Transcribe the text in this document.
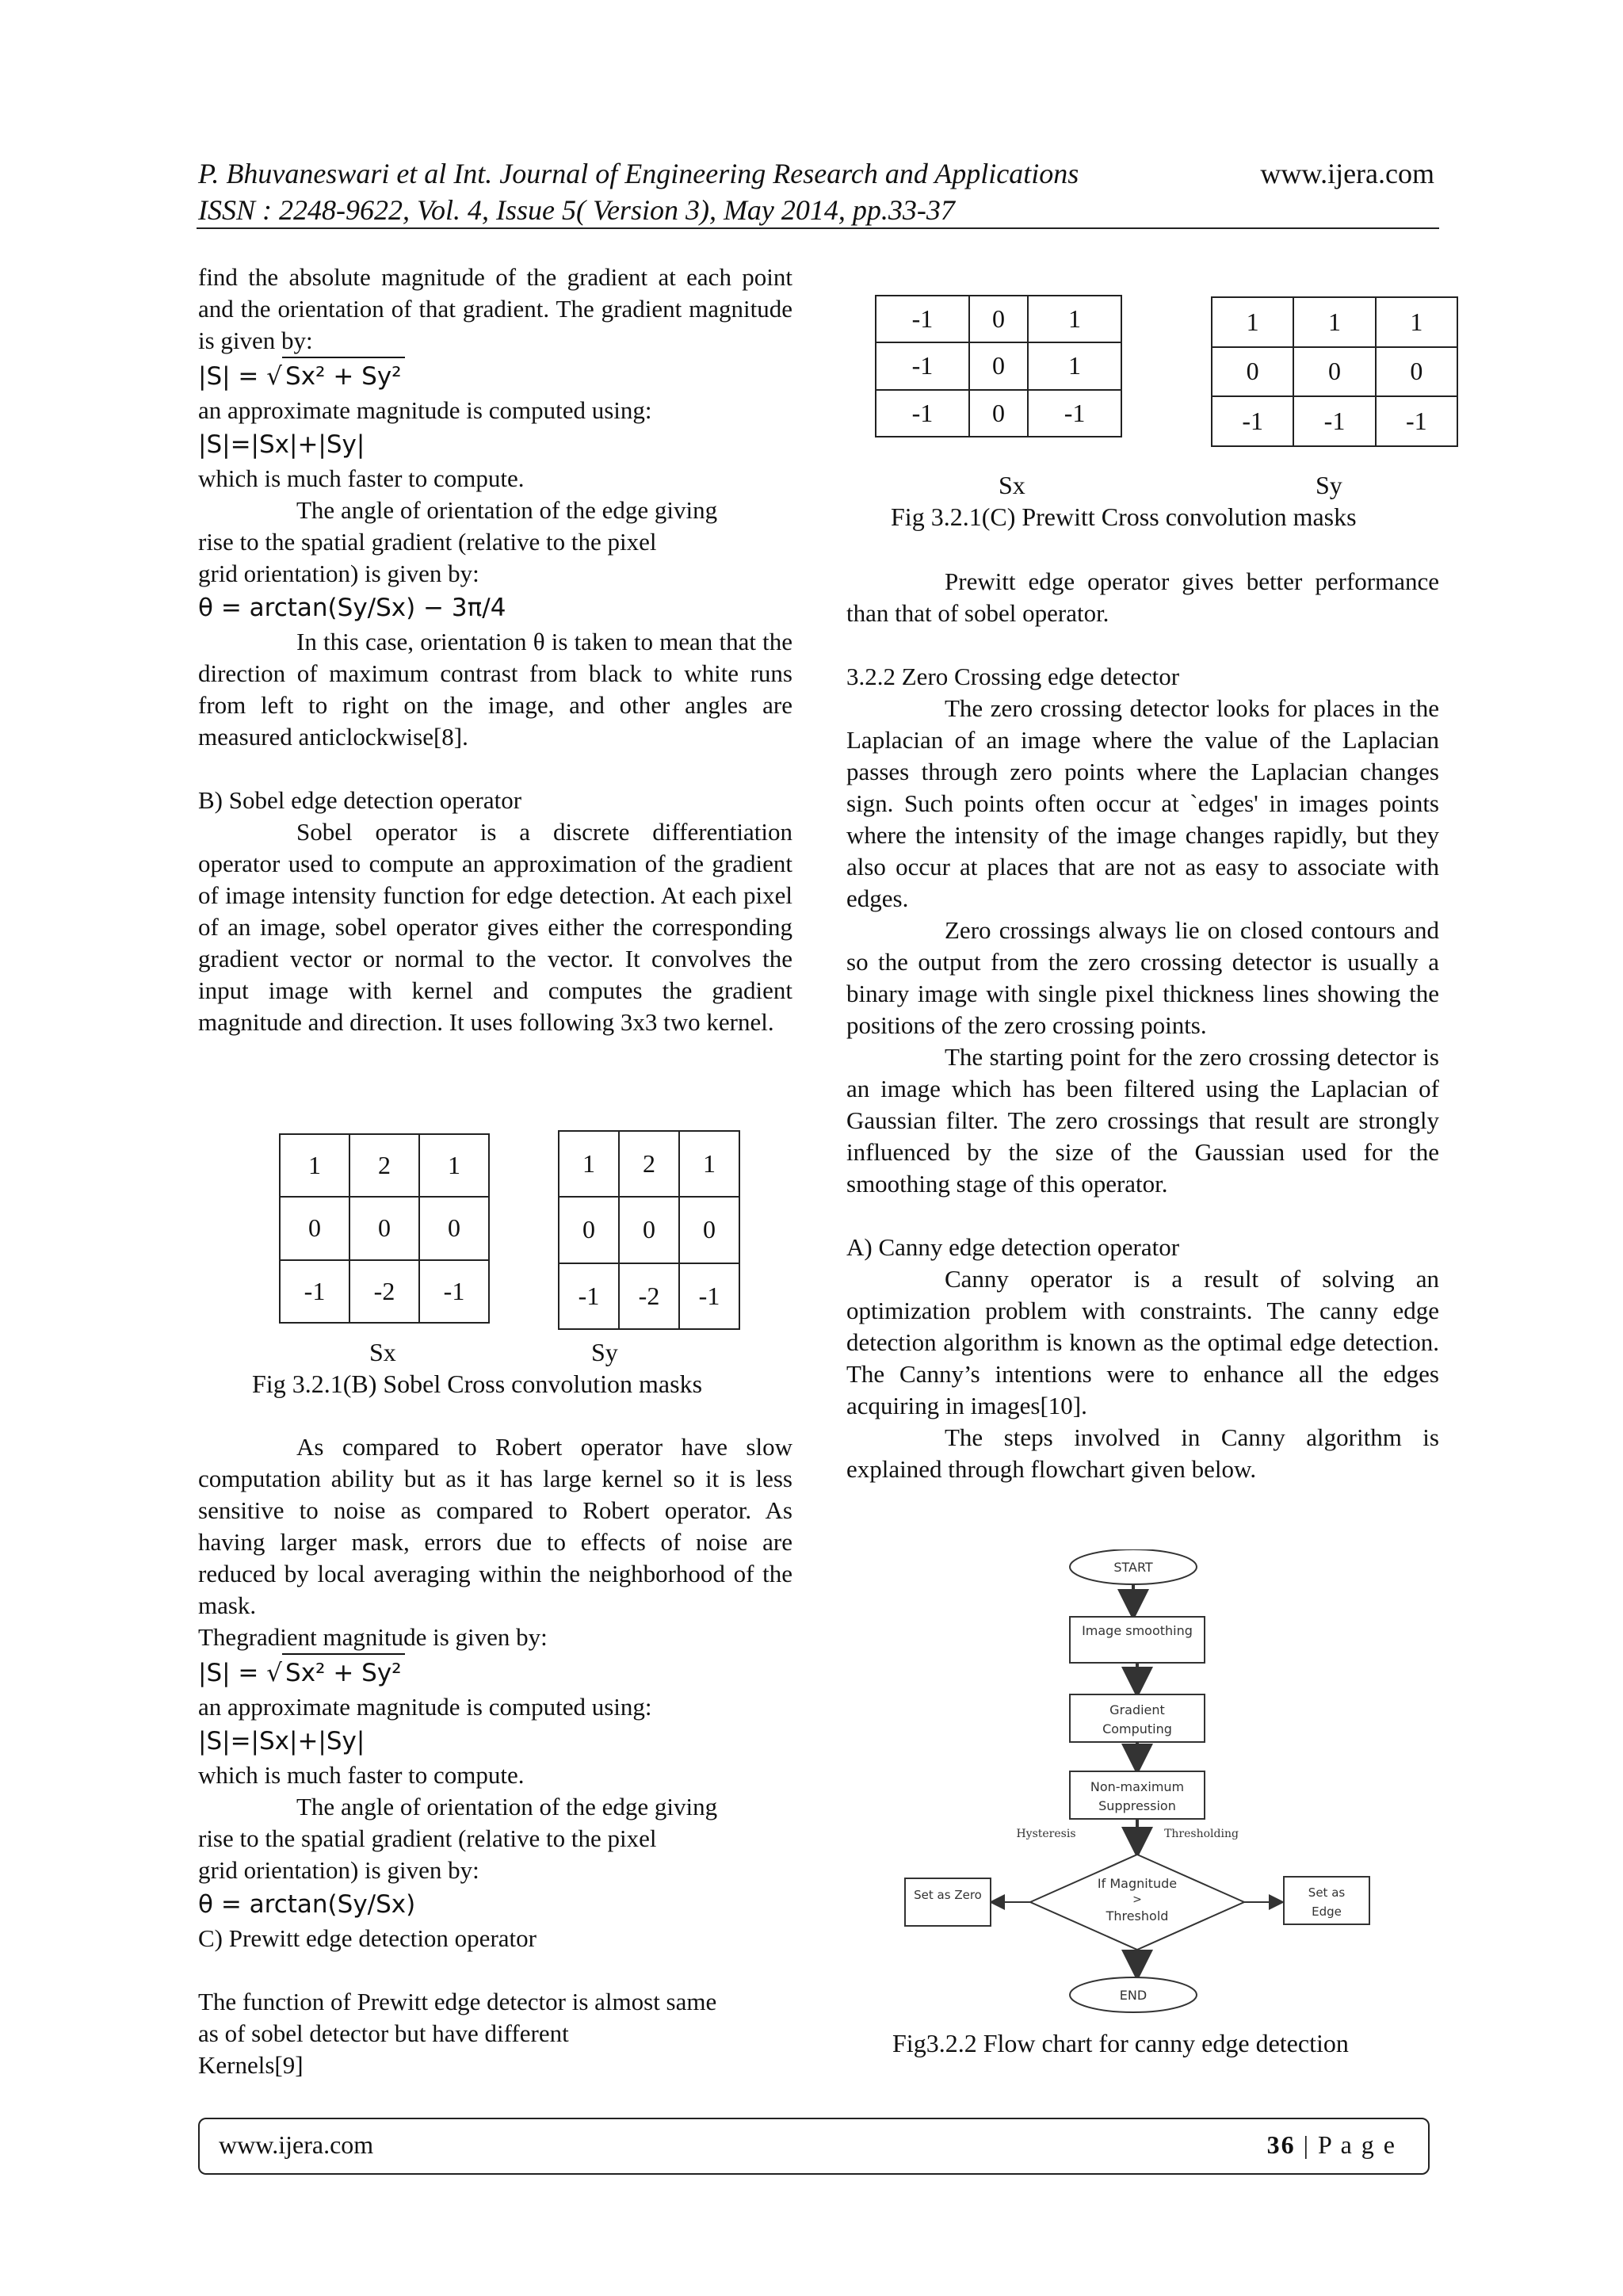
P. Bhuvaneswari et al Int. Journal of Engineering Research and Applications
ISSN : 2248-9622, Vol. 4, Issue 5( Version 3), May 2014, pp.33-37
www.ijera.com

find the absolute magnitude of the gradient at each point and the orientation of that gradient. The gradient magnitude is given by:

|S| = √ Sx² + Sy²

an approximate magnitude is computed using:

|S|=|Sx|+|Sy|

which is much faster to compute.

The angle of orientation of the edge giving

rise to the spatial gradient (relative to the pixel

grid orientation) is given by:

θ = arctan(Sy/Sx) − 3π/4

In this case, orientation θ is taken to mean that the direction of maximum contrast from black to white runs from left to right on the image, and other angles are measured anticlockwise[8].

B) Sobel edge detection operator

Sobel operator is a discrete differentiation operator used to compute an approximation of the gradient of image intensity function for edge detection. At each pixel of an image, sobel operator gives either the corresponding gradient vector or normal to the vector. It convolves the input image with kernel and computes the gradient magnitude and direction. It uses following 3x3 two kernel.

1	2	1
0	0	0
-1	-2	-1
1	2	1
0	0	0
-1	-2	-1
Sx	Sy
Fig 3.2.1(B) Sobel Cross convolution masks

As compared to Robert operator have slow computation ability but as it has large kernel so it is less sensitive to noise as compared to Robert operator. As having larger mask, errors due to effects of noise are reduced by local averaging within the neighborhood of the mask.

Thegradient magnitude is given by:

|S| = √ Sx² + Sy²

an approximate magnitude is computed using:

|S|=|Sx|+|Sy|

which is much faster to compute.

The angle of orientation of the edge giving

rise to the spatial gradient (relative to the pixel

grid orientation) is given by:

θ = arctan(Sy/Sx)

C) Prewitt edge detection operator

The function of Prewitt edge detector is almost same

as of sobel detector but have different

Kernels[9]

-1	0	1
-1	0	1
-1	0	-1
1	1	1
0	0	0
-1	-1	-1
Sx	Sy
Fig 3.2.1(C) Prewitt Cross convolution masks

Prewitt edge operator gives better performance than that of sobel operator.

3.2.2 Zero Crossing edge detector

The zero crossing detector looks for places in the Laplacian of an image where the value of the Laplacian passes through zero points where the Laplacian changes sign. Such points often occur at `edges' in images points where the intensity of the image changes rapidly, but they also occur at places that are not as easy to associate with edges.

Zero crossings always lie on closed contours and so the output from the zero crossing detector is usually a binary image with single pixel thickness lines showing the positions of the zero crossing points.

The starting point for the zero crossing detector is an image which has been filtered using the Laplacian of Gaussian filter. The zero crossings that result are strongly influenced by the size of the Gaussian used for the smoothing stage of this operator.

A) Canny edge detection operator

Canny operator is a result of solving an optimization problem with constraints. The canny edge detection algorithm is known as the optimal edge detection. The Canny’s intentions were to enhance all the edges acquiring in images[10].

The steps involved in Canny algorithm is explained through flowchart given below.

START
Image smoothing
Gradient
Computing
Non-maximum
Suppression
Hysteresis	Thresholding
If Magnitude
>
Threshold
Set as Zero	Set as
Edge
END
Fig3.2.2 Flow chart for canny edge detection
www.ijera.com	36 | P a g e
